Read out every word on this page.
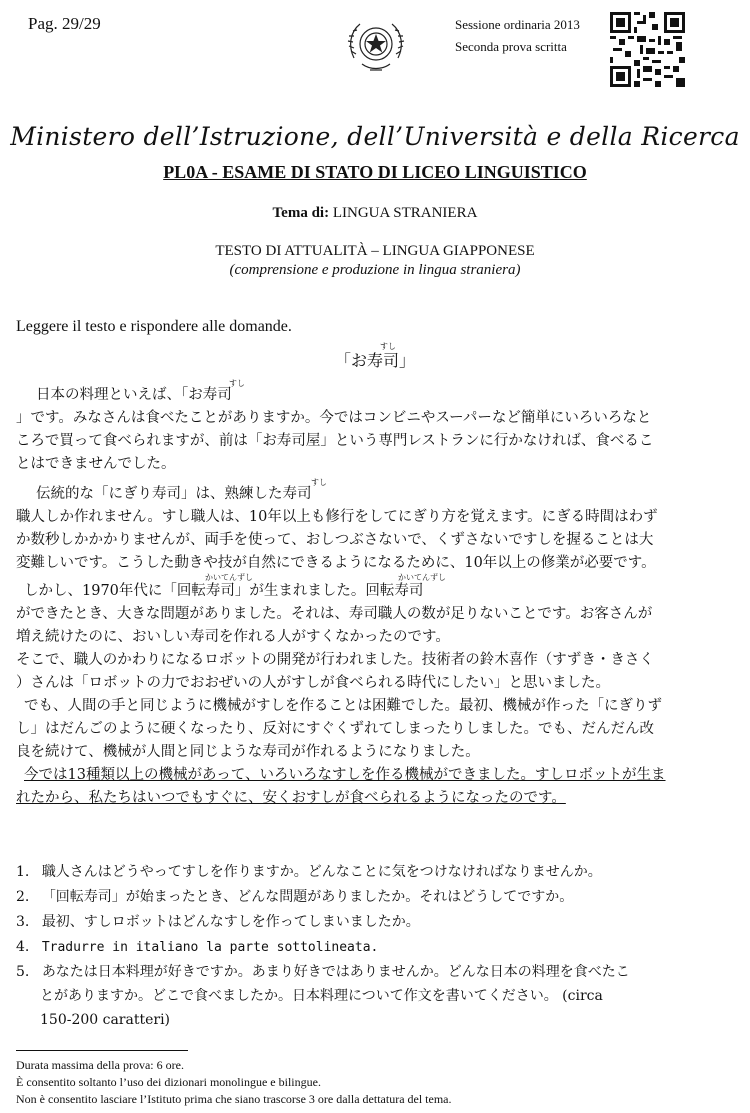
Pag. 29/29	Sessione ordinaria 2013
Seconda prova scritta
Ministero dell’Istruzione, dell’Università e della Ricerca
PL0A - ESAME DI STATO DI LICEO LINGUISTICO
Tema di: LINGUA STRANIERA
TESTO DI ATTUALITÀ – LINGUA GIAPPONESE
(comprensione e produzione in lingua straniera)
Leggere il testo e rispondere alle domande.
すし
「お寿司」
すし
日本の料理といえば、「お寿司
」です。みなさんは食べたことがありますか。今ではコンビニやスーパーなど簡単にいろいろなと
ころで買って食べられますが、前は「お寿司屋」という専門レストランに行かなければ、食べるこ
とはできませんでした。
すし
伝統的な「にぎり寿司」は、熟練した寿司
職人しか作れません。すし職人は、10年以上も修行をしてにぎり方を覚えます。にぎる時間はわず
か数秒しかかかりませんが、両手を使って、おしつぶさないで、くずさないですしを握ることは大
変難しいです。こうした動きや技が自然にできるようになるために、10年以上の修業が必要です。
かいてんずし	かいてんずし
しかし、1970年代に「回転寿司」が生まれました。回転寿司
ができたとき、大きな問題がありました。それは、寿司職人の数が足りないことです。お客さんが
増え続けたのに、おいしい寿司を作れる人がすくなかったのです。
そこで、職人のかわりになるロボットの開発が行われました。技術者の鈴木喜作（すずき・きさく
）さんは「ロボットの力でおおぜいの人がすしが食べられる時代にしたい」と思いました。
でも、人間の手と同じように機械がすしを作ることは困難でした。最初、機械が作った「にぎりず
し」はだんごのように硬くなったり、反対にすぐくずれてしまったりしました。でも、だんだん改
良を続けて、機械が人間と同じような寿司が作れるようになりました。
今では13種類以上の機械があって、いろいろなすしを作る機械ができました。すしロボットが生ま
れたから、私たちはいつでもすぐに、安くおすしが食べられるようになったのです。
1. 職人さんはどうやってすしを作りますか。どんなことに気をつけなければなりませんか。
2. 「回転寿司」が始まったとき、どんな問題がありましたか。それはどうしてですか。
3. 最初、すしロボットはどんなすしを作ってしまいましたか。
4. Tradurre in italiano la parte sottolineata.
5. あなたは日本料理が好きですか。あまり好きではありませんか。どんな日本の料理を食べたこ
とがありますか。どこで食べましたか。日本料理について作文を書いてください。 (circa
150-200 caratteri)
Durata massima della prova: 6 ore.
È consentito soltanto l’uso dei dizionari monolingue e bilingue.
Non è consentito lasciare l’Istituto prima che siano trascorse 3 ore dalla dettatura del tema.
